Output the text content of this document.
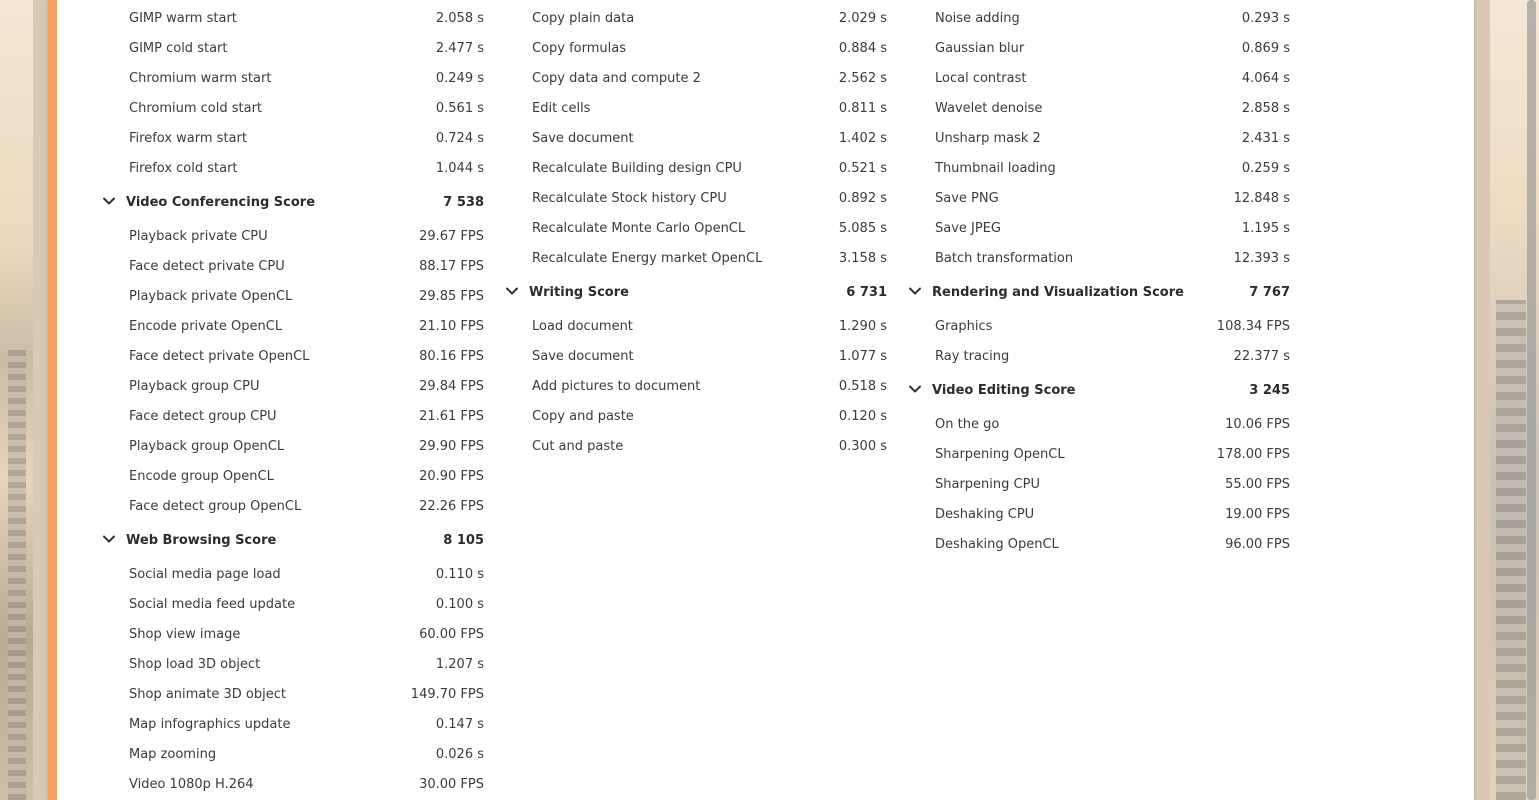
GIMP warm start	2.058 s
GIMP cold start	2.477 s
Chromium warm start	0.249 s
Chromium cold start	0.561 s
Firefox warm start	0.724 s
Firefox cold start	1.044 s
Video Conferencing Score	7 538
Playback private CPU	29.67 FPS
Face detect private CPU	88.17 FPS
Playback private OpenCL	29.85 FPS
Encode private OpenCL	21.10 FPS
Face detect private OpenCL	80.16 FPS
Playback group CPU	29.84 FPS
Face detect group CPU	21.61 FPS
Playback group OpenCL	29.90 FPS
Encode group OpenCL	20.90 FPS
Face detect group OpenCL	22.26 FPS
Web Browsing Score	8 105
Social media page load	0.110 s
Social media feed update	0.100 s
Shop view image	60.00 FPS
Shop load 3D object	1.207 s
Shop animate 3D object	149.70 FPS
Map infographics update	0.147 s
Map zooming	0.026 s
Video 1080p H.264	30.00 FPS
Copy plain data	2.029 s
Copy formulas	0.884 s
Copy data and compute 2	2.562 s
Edit cells	0.811 s
Save document	1.402 s
Recalculate Building design CPU	0.521 s
Recalculate Stock history CPU	0.892 s
Recalculate Monte Carlo OpenCL	5.085 s
Recalculate Energy market OpenCL	3.158 s
Writing Score	6 731
Load document	1.290 s
Save document	1.077 s
Add pictures to document	0.518 s
Copy and paste	0.120 s
Cut and paste	0.300 s
Noise adding	0.293 s
Gaussian blur	0.869 s
Local contrast	4.064 s
Wavelet denoise	2.858 s
Unsharp mask 2	2.431 s
Thumbnail loading	0.259 s
Save PNG	12.848 s
Save JPEG	1.195 s
Batch transformation	12.393 s
Rendering and Visualization Score	7 767
Graphics	108.34 FPS
Ray tracing	22.377 s
Video Editing Score	3 245
On the go	10.06 FPS
Sharpening OpenCL	178.00 FPS
Sharpening CPU	55.00 FPS
Deshaking CPU	19.00 FPS
Deshaking OpenCL	96.00 FPS
